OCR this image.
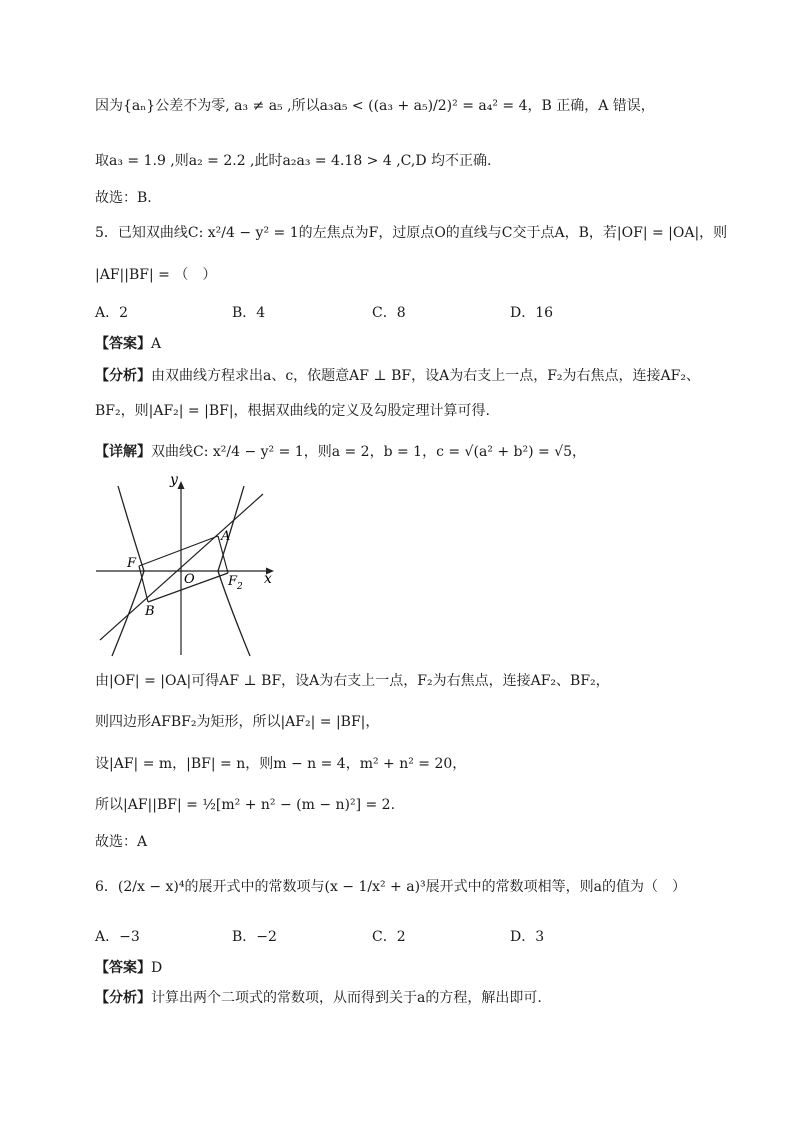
因为{aₙ}公差不为零, a₃ ≠ a₅ ,所以a₃a₅ < ((a₃ + a₅)/2)² = a₄² = 4，B 正确，A 错误，
取a₃ = 1.9 ,则a₂ = 2.2 ,此时a₂a₃ = 4.18 > 4 ,C,D 均不正确.
故选：B.
5．已知双曲线C: x²/4 − y² = 1的左焦点为F，过原点O的直线与C交于点A，B，若|OF| = |OA|，则
|AF||BF| = （　）
A．2	B．4	C．8	D．16
【答案】A
【分析】由双曲线方程求出a、c，依题意AF ⊥ BF，设A为右支上一点，F₂为右焦点，连接AF₂、
BF₂，则|AF₂| = |BF|，根据双曲线的定义及勾股定理计算可得.
【详解】双曲线C: x²/4 − y² = 1，则a = 2，b = 1，c = √(a² + b²) = √5，
y
x
F
O	$F_2$
A
B
由|OF| = |OA|可得AF ⊥ BF，设A为右支上一点，F₂为右焦点，连接AF₂、BF₂，
则四边形AFBF₂为矩形，所以|AF₂| = |BF|，
设|AF| = m，|BF| = n，则m − n = 4，m² + n² = 20，
所以|AF||BF| = ½[m² + n² − (m − n)²] = 2.
故选：A
6．(2/x − x)⁴的展开式中的常数项与(x − 1/x² + a)³展开式中的常数项相等，则a的值为（　）
A．−3	B．−2	C．2	D．3
【答案】D
【分析】计算出两个二项式的常数项，从而得到关于a的方程，解出即可.
